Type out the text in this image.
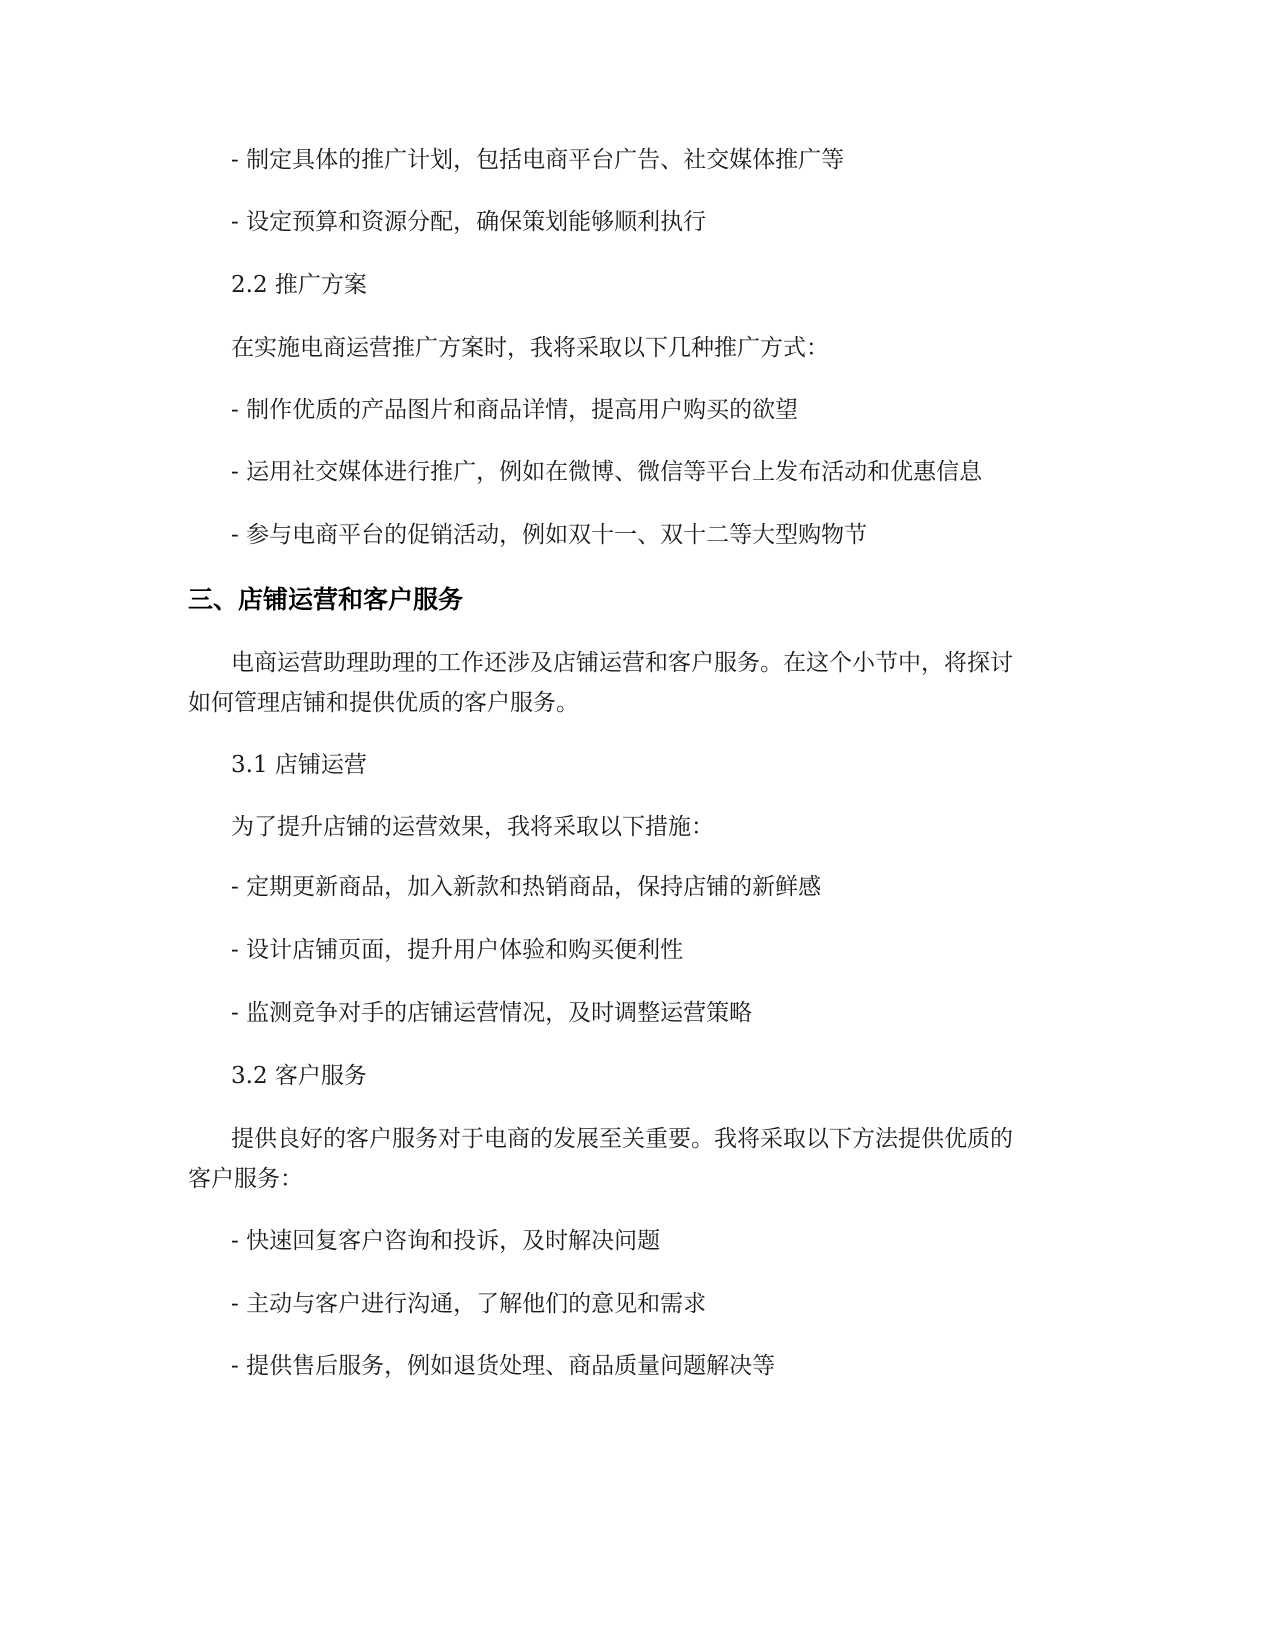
- 制定具体的推广计划，包括电商平台广告、社交媒体推广等

- 设定预算和资源分配，确保策划能够顺利执行

2.2 推广方案

在实施电商运营推广方案时，我将采取以下几种推广方式：

- 制作优质的产品图片和商品详情，提高用户购买的欲望

- 运用社交媒体进行推广，例如在微博、微信等平台上发布活动和优惠信息

- 参与电商平台的促销活动，例如双十一、双十二等大型购物节

三、店铺运营和客户服务

电商运营助理助理的工作还涉及店铺运营和客户服务。在这个小节中，将探讨

如何管理店铺和提供优质的客户服务。

3.1 店铺运营

为了提升店铺的运营效果，我将采取以下措施：

- 定期更新商品，加入新款和热销商品，保持店铺的新鲜感

- 设计店铺页面，提升用户体验和购买便利性

- 监测竞争对手的店铺运营情况，及时调整运营策略

3.2 客户服务

提供良好的客户服务对于电商的发展至关重要。我将采取以下方法提供优质的

客户服务：

- 快速回复客户咨询和投诉，及时解决问题

- 主动与客户进行沟通，了解他们的意见和需求

- 提供售后服务，例如退货处理、商品质量问题解决等
